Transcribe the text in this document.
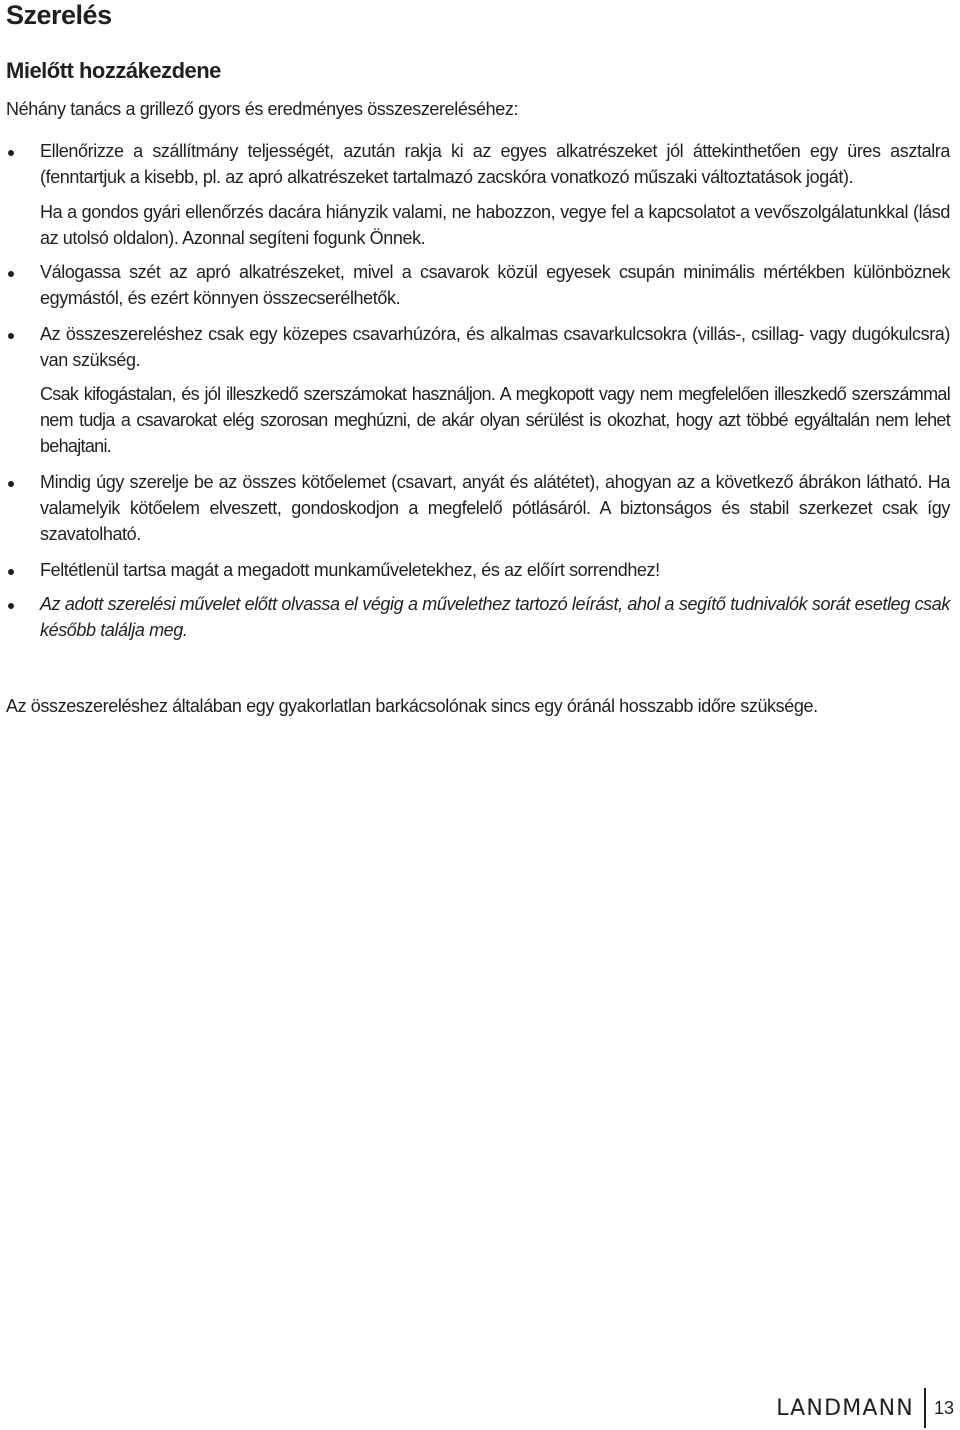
Szerelés
Mielőtt hozzákezdene
Néhány tanács a grillező gyors és eredményes összeszereléséhez:
Ellenőrizze a szállítmány teljességét, azután rakja ki az egyes alkatrészeket jól áttekinthetően egy üres asztalra (fenntartjuk a kisebb, pl. az apró alkatrészeket tartalmazó zacskóra vonatkozó műszaki változtatások jogát).
Ha a gondos gyári ellenőrzés dacára hiányzik valami, ne habozzon, vegye fel a kapcsolatot a vevőszolgálatunkkal (lásd az utolsó oldalon). Azonnal segíteni fogunk Önnek.
Válogassa szét az apró alkatrészeket, mivel a csavarok közül egyesek csupán minimális mértékben különböznek egymástól, és ezért könnyen összecserélhetők.
Az összeszereléshez csak egy közepes csavarhúzóra, és alkalmas csavarkulcsokra (villás-, csillag- vagy dugókulcsra) van szükség.
Csak kifogástalan, és jól illeszkedő szerszámokat használjon. A megkopott vagy nem megfelelően illeszkedő szerszámmal nem tudja a csavarokat elég szorosan meghúzni, de akár olyan sérülést is okozhat, hogy azt többé egyáltalán nem lehet behajtani.
Mindig úgy szerelje be az összes kötőelemet (csavart, anyát és alátétet), ahogyan az a következő ábrákon látható. Ha valamelyik kötőelem elveszett, gondoskodjon a megfelelő pótlásáról. A biztonságos és stabil szerkezet csak így szavatolható.
Feltétlenül tartsa magát a megadott munkaműveletekhez, és az előírt sorrendhez!
Az adott szerelési művelet előtt olvassa el végig a művelethez tartozó leírást, ahol a segítő tudnivalók sorát esetleg csak később találja meg.
Az összeszereléshez általában egy gyakorlatlan barkácsolónak sincs egy óránál hosszabb időre szüksége.
LANDMANN 13
